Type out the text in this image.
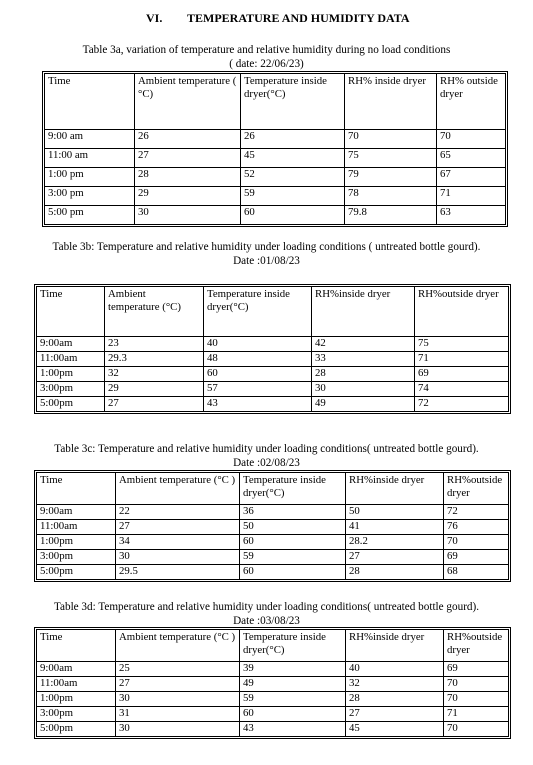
VI. TEMPERATURE AND HUMIDITY DATA
Table 3a, variation of temperature and relative humidity during no load conditions
( date: 22/06/23)
Time	Ambient temperature ( °C)	Temperature inside dryer(°C)	RH% inside dryer	RH% outside dryer
9:00 am	26	26	70	70
11:00 am	27	45	75	65
1:00 pm	28	52	79	67
3:00 pm	29	59	78	71
5:00 pm	30	60	79.8	63
Table 3b: Temperature and relative humidity under loading conditions ( untreated bottle gourd).
Date :01/08/23
Time	Ambient temperature (°C)	Temperature inside dryer(°C)	RH%inside dryer	RH%outside dryer
9:00am	23	40	42	75
11:00am	29.3	48	33	71
1:00pm	32	60	28	69
3:00pm	29	57	30	74
5:00pm	27	43	49	72
Table 3c: Temperature and relative humidity under loading conditions( untreated bottle gourd).
Date :02/08/23
Time	Ambient temperature (°C )	Temperature inside dryer(°C)	RH%inside dryer	RH%outside dryer
9:00am	22	36	50	72
11:00am	27	50	41	76
1:00pm	34	60	28.2	70
3:00pm	30	59	27	69
5:00pm	29.5	60	28	68
Table 3d: Temperature and relative humidity under loading conditions( untreated bottle gourd).
Date :03/08/23
Time	Ambient temperature (°C )	Temperature inside dryer(°C)	RH%inside dryer	RH%outside dryer
9:00am	25	39	40	69
11:00am	27	49	32	70
1:00pm	30	59	28	70
3:00pm	31	60	27	71
5:00pm	30	43	45	70
